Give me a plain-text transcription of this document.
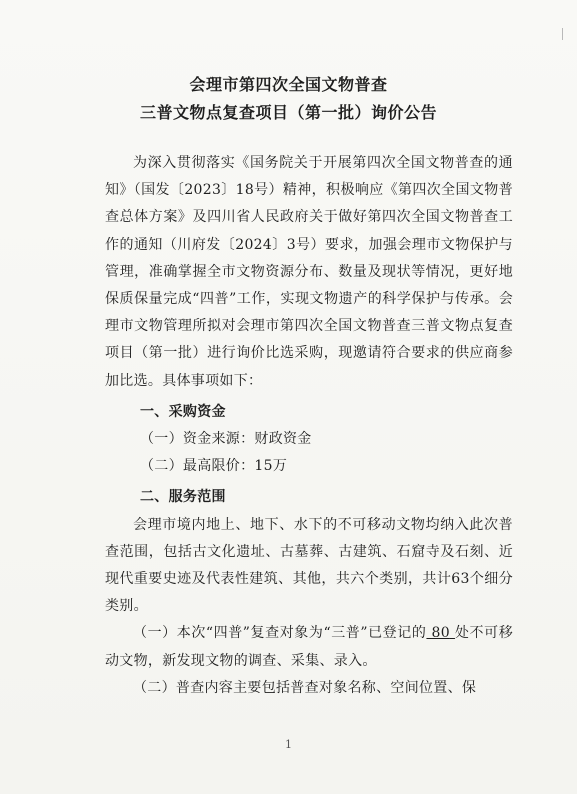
会理市第四次全国文物普查
三普文物点复查项目（第一批）询价公告

为深入贯彻落实《国务院关于开展第四次全国文物普查的通知》（国发〔2023〕18号）精神，积极响应《第四次全国文物普查总体方案》及四川省人民政府关于做好第四次全国文物普查工作的通知（川府发〔2024〕3号）要求，加强会理市文物保护与管理，准确掌握全市文物资源分布、数量及现状等情况，更好地保质保量完成“四普”工作，实现文物遗产的科学保护与传承。会理市文物管理所拟对会理市第四次全国文物普查三普文物点复查项目（第一批）进行询价比选采购，现邀请符合要求的供应商参加比选。具体事项如下：

一、采购资金

（一）资金来源：财政资金

（二）最高限价：15万

二、服务范围

会理市境内地上、地下、水下的不可移动文物均纳入此次普查范围，包括古文化遗址、古墓葬、古建筑、石窟寺及石刻、近现代重要史迹及代表性建筑、其他，共六个类别，共计63个细分类别。

（一）本次“四普”复查对象为“三普”已登记的 80 处不可移动文物，新发现文物的调查、采集、录入。

（二）普查内容主要包括普查对象名称、空间位置、保

1
